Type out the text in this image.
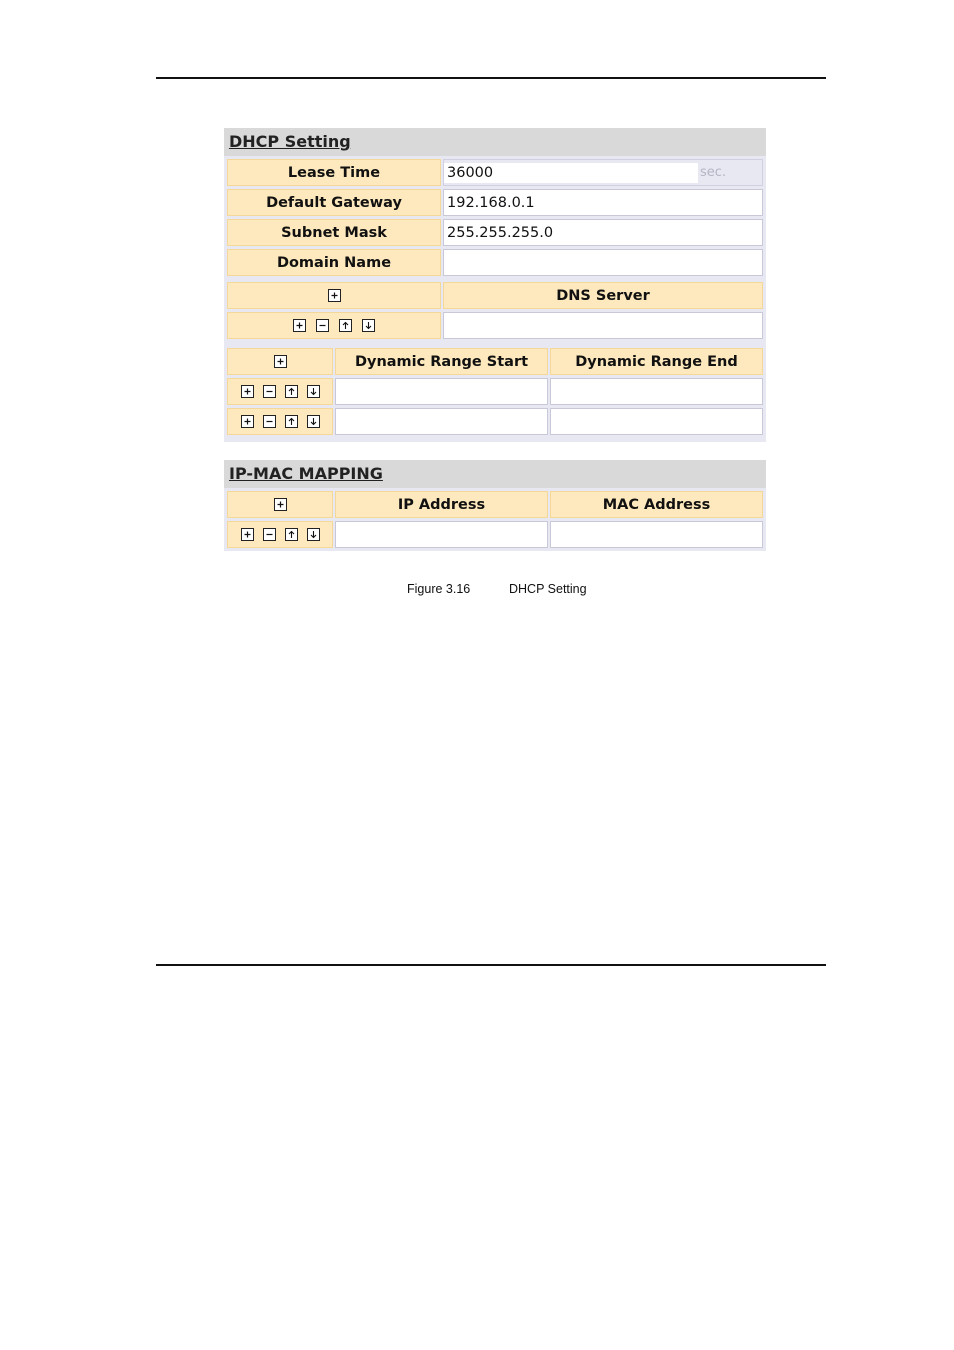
DHCP Setting
Lease Time	36000	sec.
Default Gateway	192.168.0.1
Subnet Mask	255.255.255.0
Domain Name
DNS Server
Dynamic Range Start	Dynamic Range End
IP-MAC MAPPING
IP Address	MAC Address
Figure 3.16	DHCP Setting
